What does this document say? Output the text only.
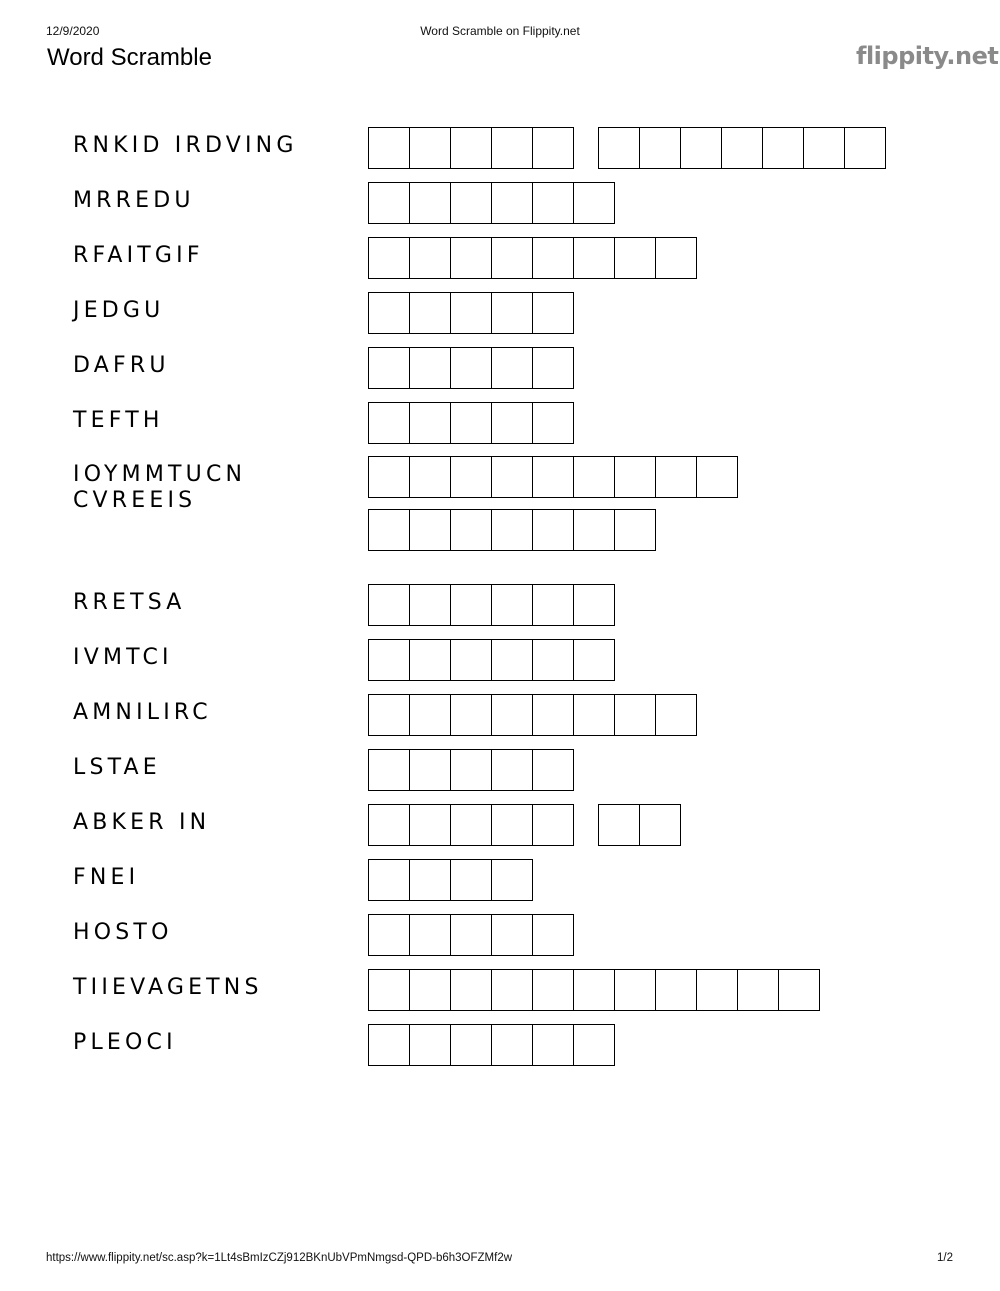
12/9/2020	Word Scramble on Flippity.net
Word Scramble	flippity.net
RNKID IRDVING
MRREDU
RFAITGIF
JEDGU
DAFRU
TEFTH
IOYMMTUCN
CVREEIS
RRETSA
IVMTCI
AMNILIRC
LSTAE
ABKER IN
FNEI
HOSTO
TIIEVAGETNS
PLEOCI
https://www.flippity.net/sc.asp?k=1Lt4sBmIzCZj912BKnUbVPmNmgsd-QPD-b6h3OFZMf2w	1/2
